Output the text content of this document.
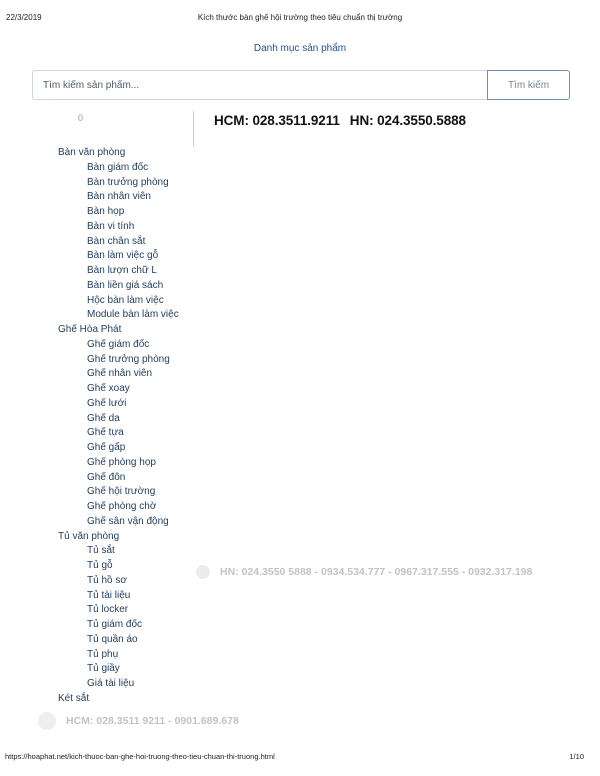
22/3/2019	Kích thước bàn ghế hội trường theo tiêu chuẩn thị trường
Danh mục sản phẩm
Tìm kiếm sản phẩm...
Tìm kiếm
0	HCM: 028.3511.9211 HN: 024.3550.5888
Bàn văn phòng
Bàn giám đốc
Bàn trưởng phòng
Bàn nhân viên
Bàn họp
Bàn vi tính
Bàn chân sắt
Bàn làm việc gỗ
Bàn lượn chữ L
Bàn liền giá sách
Hộc bàn làm việc
Module bàn làm việc
Ghế Hòa Phát
Ghế giám đốc
Ghế trưởng phòng
Ghế nhân viên
Ghế xoay
Ghế lưới
Ghế da
Ghế tựa
Ghế gấp
Ghế phòng họp
Ghế đôn
Ghế hội trường
Ghế phòng chờ
Ghế sân vận động
Tủ văn phòng
Tủ sắt
Tủ gỗ
Tủ hồ sơ
Tủ tài liệu
Tủ locker
Tủ giám đốc
Tủ quần áo
Tủ phụ
Tủ giầy
Giá tài liệu
Két sắt
HN: 024.3550 5888 - 0934.534.777 - 0967.317.555 - 0932.317.198
HCM: 028.3511 9211 - 0901.689.678
https://hoaphat.net/kich-thuoc-ban-ghe-hoi-truong-theo-tieu-chuan-thi-truong.html	1/10
